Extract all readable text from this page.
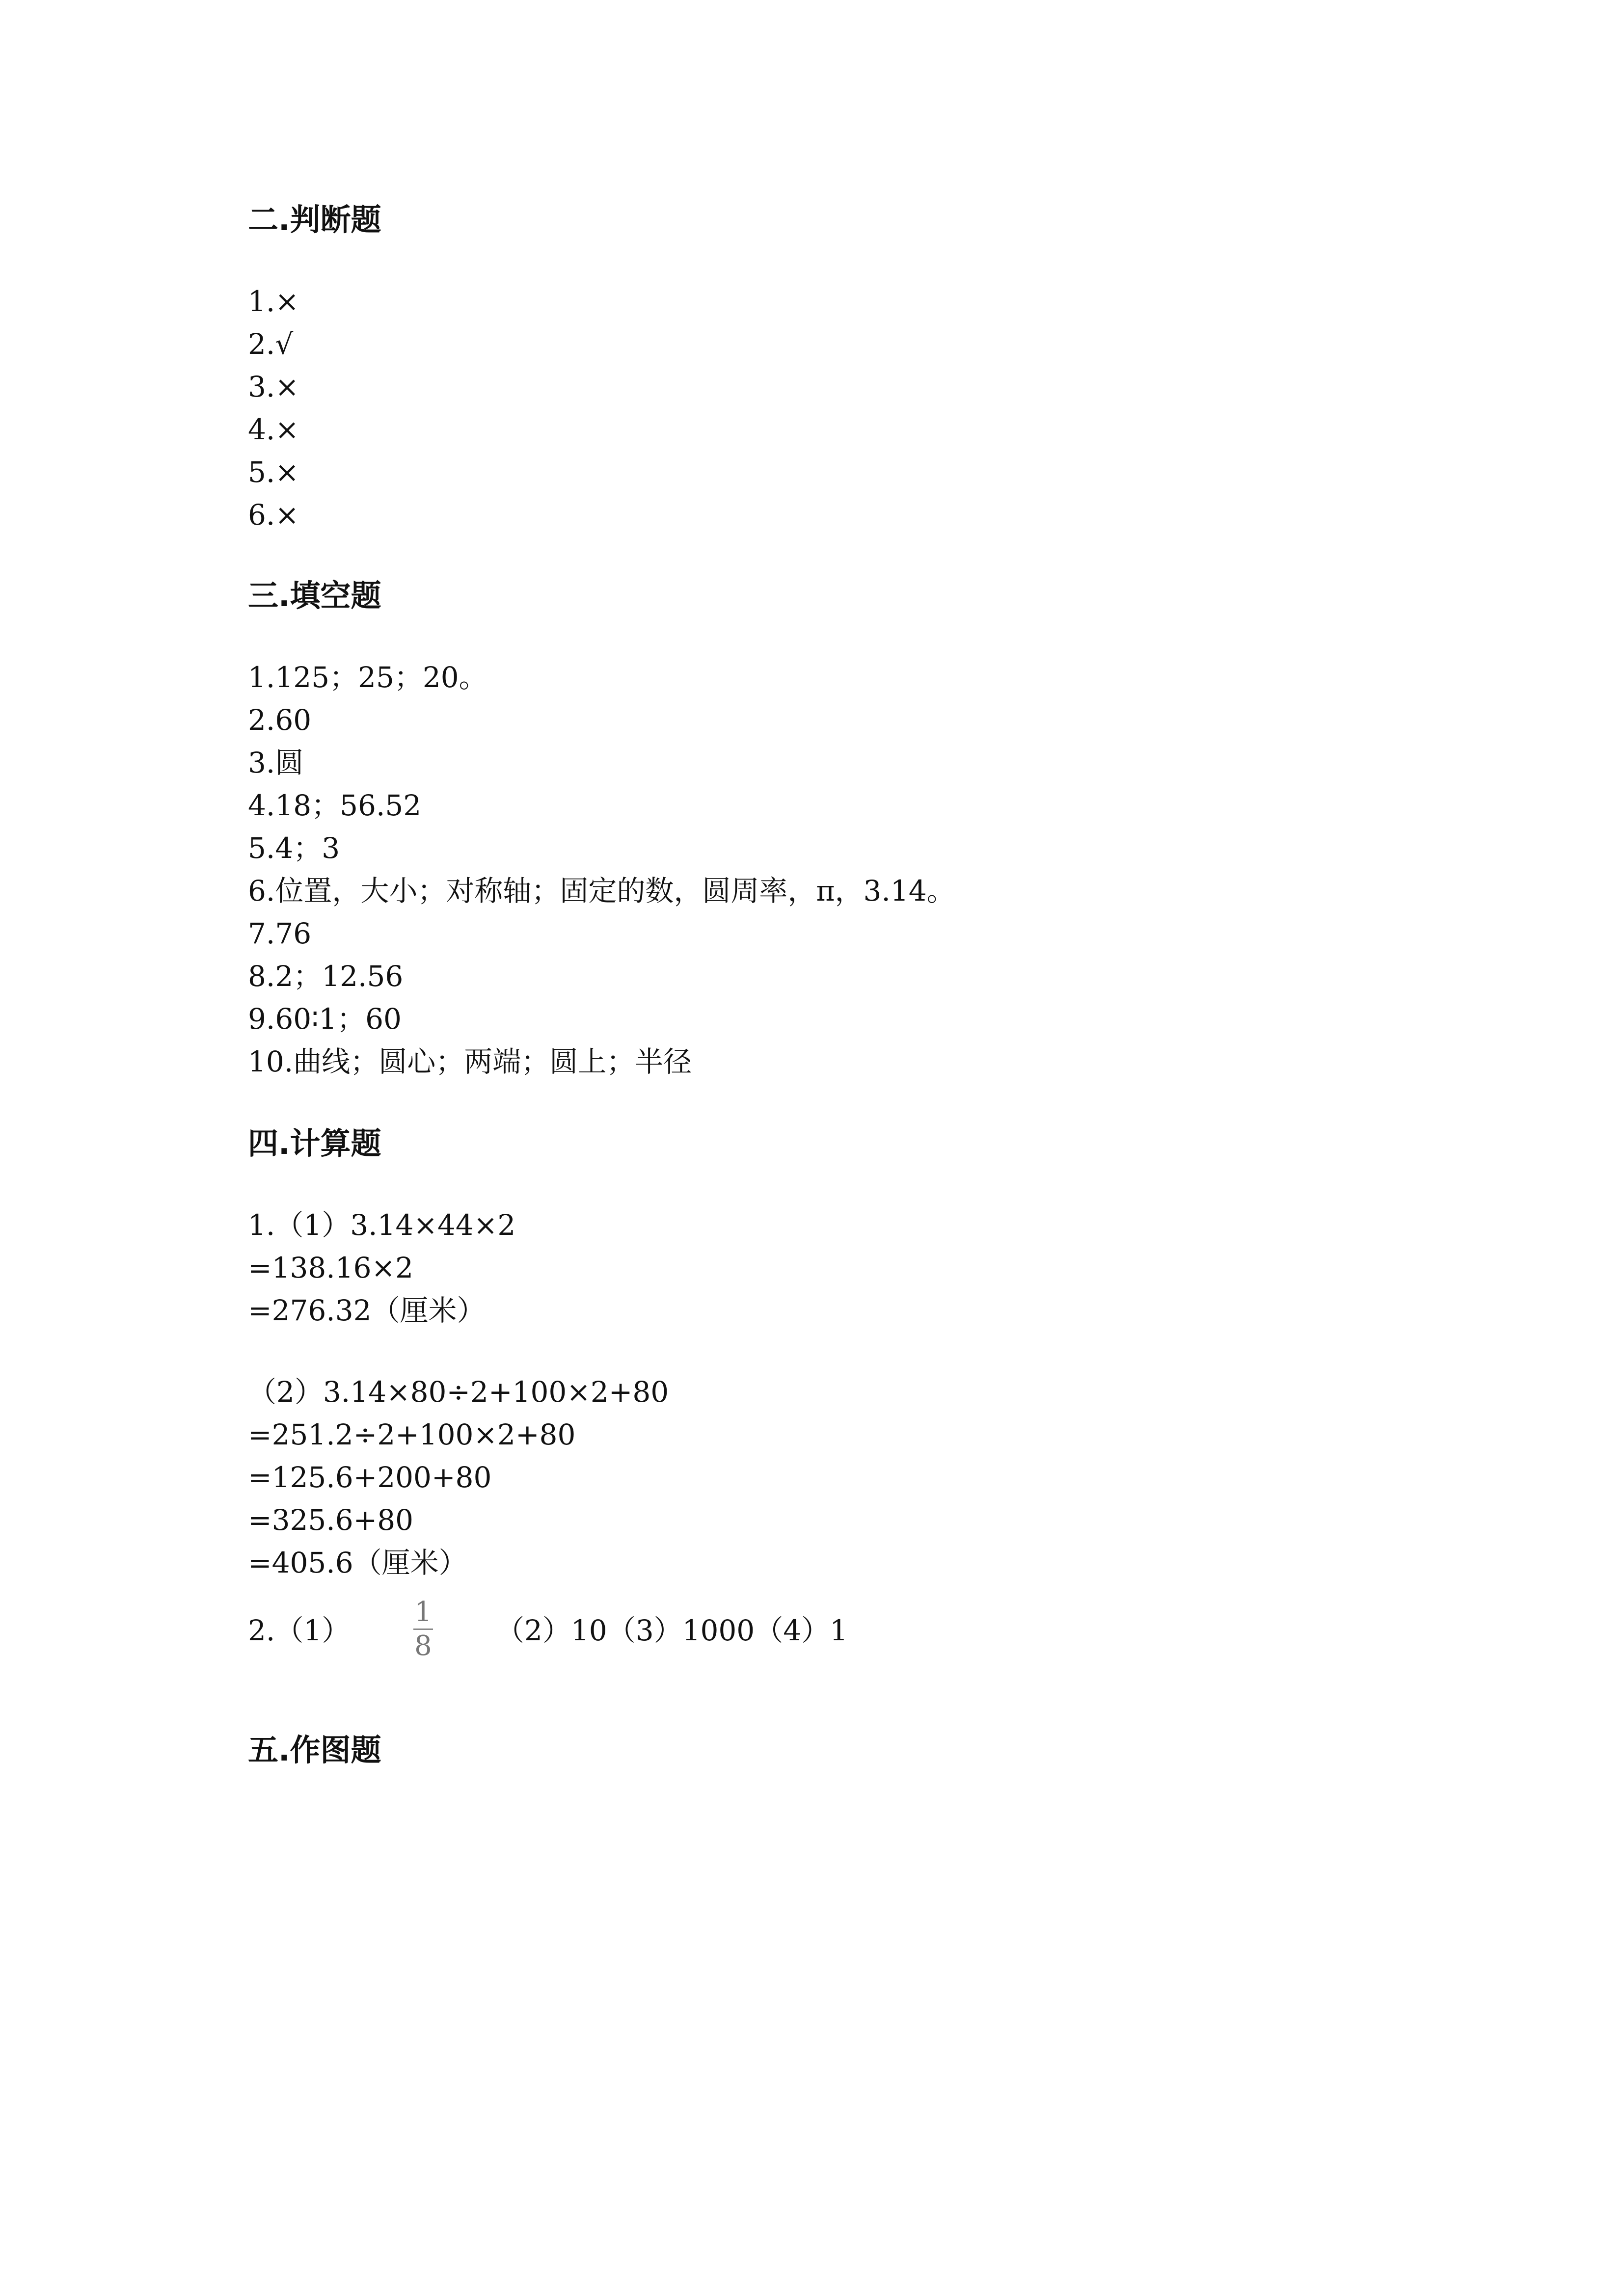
二.判断题
1.×
2.√
3.×
4.×
5.×
6.×
三.填空题
1.125；25；20。
2.60
3.圆
4.18；56.52
5.4；3
6.位置，大小；对称轴；固定的数，圆周率，π，3.14。
7.76
8.2；12.56
9.60∶1；60
10.曲线；圆心；两端；圆上；半径
四.计算题
1.（1）3.14×44×2
=138.16×2
=276.32（厘米）
（2）3.14×80÷2+100×2+80
=251.2÷2+100×2+80
=125.6+200+80
=325.6+80
=405.6（厘米）
2.（1）
1
8 （2）10（3）1000（4）1
五.作图题
